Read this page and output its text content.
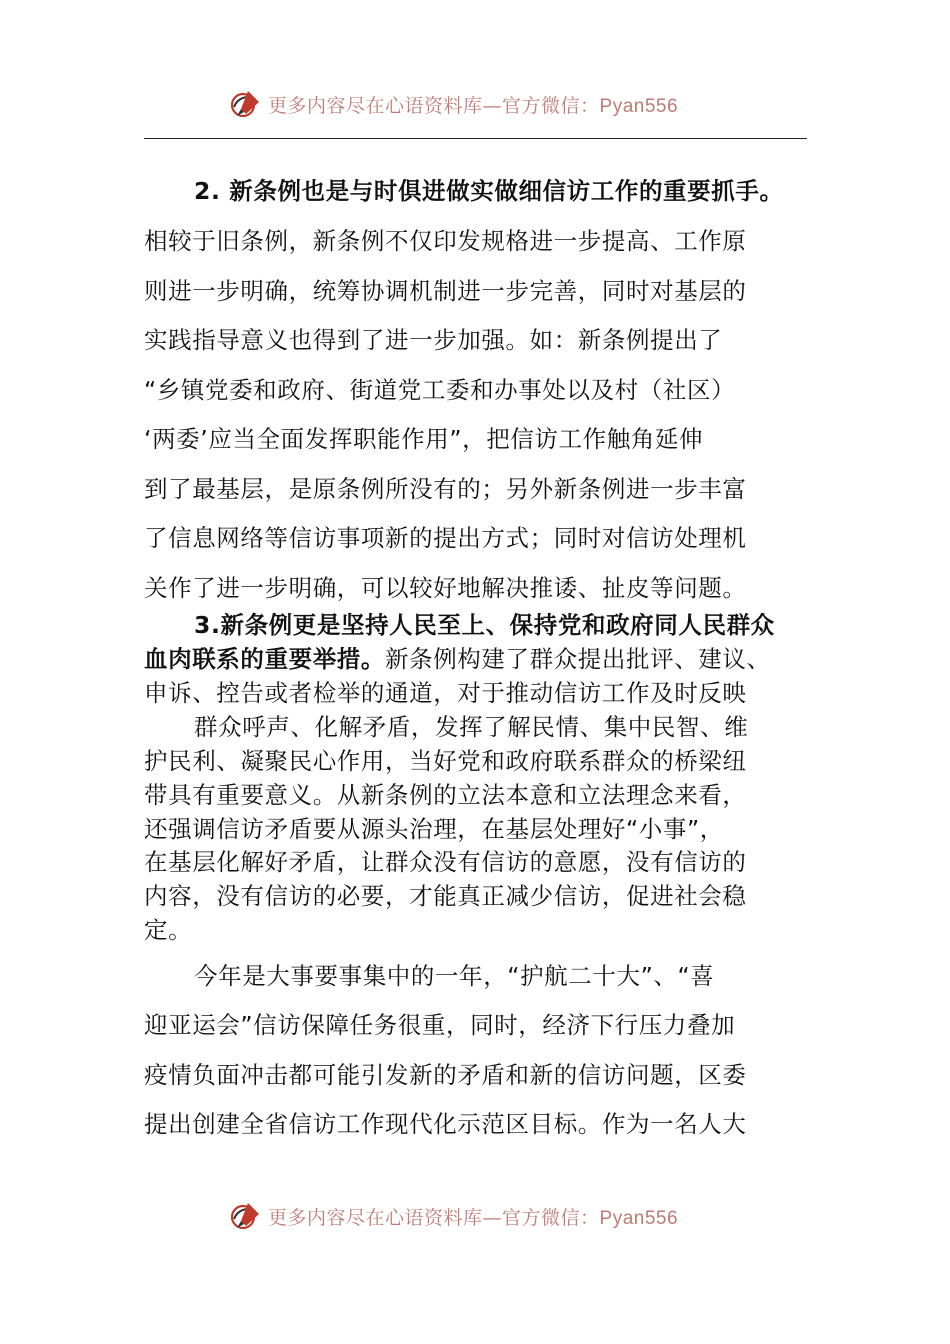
更多内容尽在心语资料库—官方微信：Pyan556
2. 新条例也是与时俱进做实做细信访工作的重要抓手。
相较于旧条例，新条例不仅印发规格进一步提高、工作原
则进一步明确，统筹协调机制进一步完善，同时对基层的
实践指导意义也得到了进一步加强。如：新条例提出了
“乡镇党委和政府、街道党工委和办事处以及村（社区）
‘两委’应当全面发挥职能作用”，把信访工作触角延伸
到了最基层，是原条例所没有的；另外新条例进一步丰富
了信息网络等信访事项新的提出方式；同时对信访处理机
关作了进一步明确，可以较好地解决推诿、扯皮等问题。
3.新条例更是坚持人民至上、保持党和政府同人民群众
血肉联系的重要举措。新条例构建了群众提出批评、建议、
申诉、控告或者检举的通道，对于推动信访工作及时反映
群众呼声、化解矛盾，发挥了解民情、集中民智、维
护民利、凝聚民心作用，当好党和政府联系群众的桥梁纽
带具有重要意义。从新条例的立法本意和立法理念来看，
还强调信访矛盾要从源头治理，在基层处理好“小事”，
在基层化解好矛盾，让群众没有信访的意愿，没有信访的
内容，没有信访的必要，才能真正减少信访，促进社会稳
定。
今年是大事要事集中的一年，“护航二十大”、“喜
迎亚运会”信访保障任务很重，同时，经济下行压力叠加
疫情负面冲击都可能引发新的矛盾和新的信访问题，区委
提出创建全省信访工作现代化示范区目标。作为一名人大
更多内容尽在心语资料库—官方微信：Pyan556
